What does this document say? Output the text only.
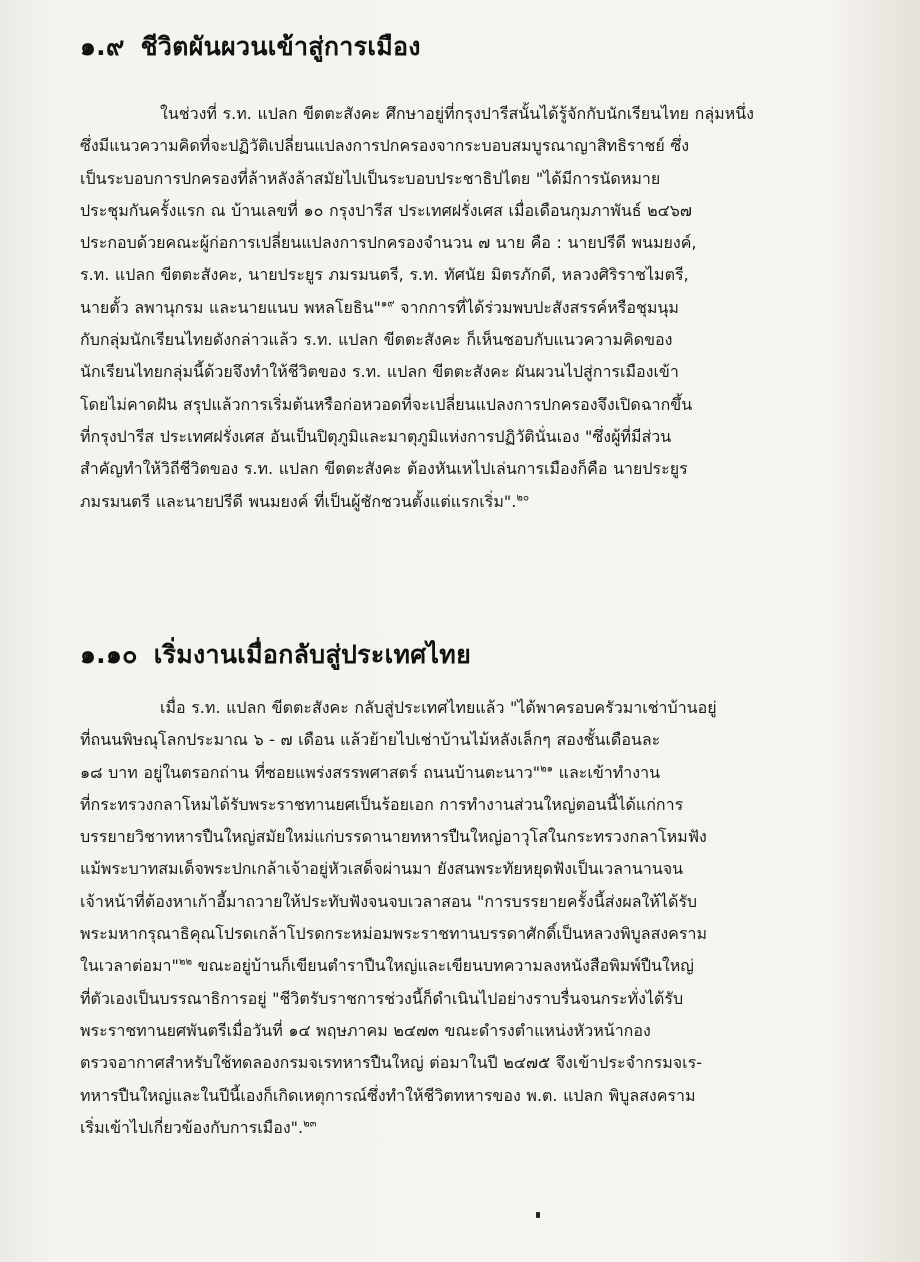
๑.๙ ชีวิตผันผวนเข้าสู่การเมือง

ในช่วงที่ ร.ท. แปลก ขีตตะสังคะ ศึกษาอยู่ที่กรุงปารีสนั้นได้รู้จักกับนักเรียนไทย กลุ่มหนึ่ง
ซึ่งมีแนวความคิดที่จะปฏิวัติเปลี่ยนแปลงการปกครองจากระบอบสมบูรณาญาสิทธิราชย์ ซึ่ง
เป็นระบอบการปกครองที่ล้าหลังล้าสมัยไปเป็นระบอบประชาธิปไตย "ได้มีการนัดหมาย
ประชุมกันครั้งแรก ณ บ้านเลขที่ ๑๐ กรุงปารีส ประเทศฝรั่งเศส เมื่อเดือนกุมภาพันธ์ ๒๔๖๗
ประกอบด้วยคณะผู้ก่อการเปลี่ยนแปลงการปกครองจำนวน ๗ นาย คือ : นายปรีดี พนมยงค์,
ร.ท. แปลก ขีตตะสังคะ, นายประยูร ภมรมนตรี, ร.ท. ทัศนัย มิตรภักดี, หลวงศิริราชไมตรี,
นายตั้ว ลพานุกรม และนายแนบ พหลโยธิน"$^{๑๙}$ จากการที่ได้ร่วมพบปะสังสรรค์หรือชุมนุม
กับกลุ่มนักเรียนไทยดังกล่าวแล้ว ร.ท. แปลก ขีตตะสังคะ ก็เห็นชอบกับแนวความคิดของ
นักเรียนไทยกลุ่มนี้ด้วยจึงทำให้ชีวิตของ ร.ท. แปลก ขีตตะสังคะ ผันผวนไปสู่การเมืองเข้า
โดยไม่คาดฝัน สรุปแล้วการเริ่มต้นหรือก่อหวอดที่จะเปลี่ยนแปลงการปกครองจึงเปิดฉากขึ้น
ที่กรุงปารีส ประเทศฝรั่งเศส อันเป็นปิตุภูมิและมาตุภูมิแห่งการปฏิวัตินั่นเอง "ซึ่งผู้ที่มีส่วน
สำคัญทำให้วิถีชีวิตของ ร.ท. แปลก ขีตตะสังคะ ต้องหันเหไปเล่นการเมืองก็คือ นายประยูร
ภมรมนตรี และนายปรีดี พนมยงค์ ที่เป็นผู้ชักชวนตั้งแต่แรกเริ่ม".$^{๒๐}$

๑.๑๐ เริ่มงานเมื่อกลับสู่ประเทศไทย

เมื่อ ร.ท. แปลก ขีตตะสังคะ กลับสู่ประเทศไทยแล้ว "ได้พาครอบครัวมาเช่าบ้านอยู่
ที่ถนนพิษณุโลกประมาณ ๖ - ๗ เดือน แล้วย้ายไปเช่าบ้านไม้หลังเล็กๆ สองชั้นเดือนละ
๑๘ บาท อยู่ในตรอกถ่าน ที่ซอยแพร่งสรรพศาสตร์ ถนนบ้านตะนาว"$^{๒๑}$ และเข้าทำงาน
ที่กระทรวงกลาโหมได้รับพระราชทานยศเป็นร้อยเอก การทำงานส่วนใหญ่ตอนนี้ได้แก่การ
บรรยายวิชาทหารปืนใหญ่สมัยใหม่แก่บรรดานายทหารปืนใหญ่อาวุโสในกระทรวงกลาโหมฟัง
แม้พระบาทสมเด็จพระปกเกล้าเจ้าอยู่หัวเสด็จผ่านมา ยังสนพระทัยหยุดฟังเป็นเวลานานจน
เจ้าหน้าที่ต้องหาเก้าอี้มาถวายให้ประทับฟังจนจบเวลาสอน "การบรรยายครั้งนี้ส่งผลให้ได้รับ
พระมหากรุณาธิคุณโปรดเกล้าโปรดกระหม่อมพระราชทานบรรดาศักดิ์เป็นหลวงพิบูลสงคราม
ในเวลาต่อมา"$^{๒๒}$ ขณะอยู่บ้านก็เขียนตำราปืนใหญ่และเขียนบทความลงหนังสือพิมพ์ปืนใหญ่
ที่ตัวเองเป็นบรรณาธิการอยู่ "ชีวิตรับราชการช่วงนี้ก็ดำเนินไปอย่างราบรื่นจนกระทั่งได้รับ
พระราชทานยศพันตรีเมื่อวันที่ ๑๔ พฤษภาคม ๒๔๗๓ ขณะดำรงตำแหน่งหัวหน้ากอง
ตรวจอากาศสำหรับใช้ทดลองกรมจเรทหารปืนใหญ่ ต่อมาในปี ๒๔๗๕ จึงเข้าประจำกรมจเร-
ทหารปืนใหญ่และในปีนี้เองก็เกิดเหตุการณ์ซึ่งทำให้ชีวิตทหารของ พ.ต. แปลก พิบูลสงคราม
เริ่มเข้าไปเกี่ยวข้องกับการเมือง".$^{๒๓}$
